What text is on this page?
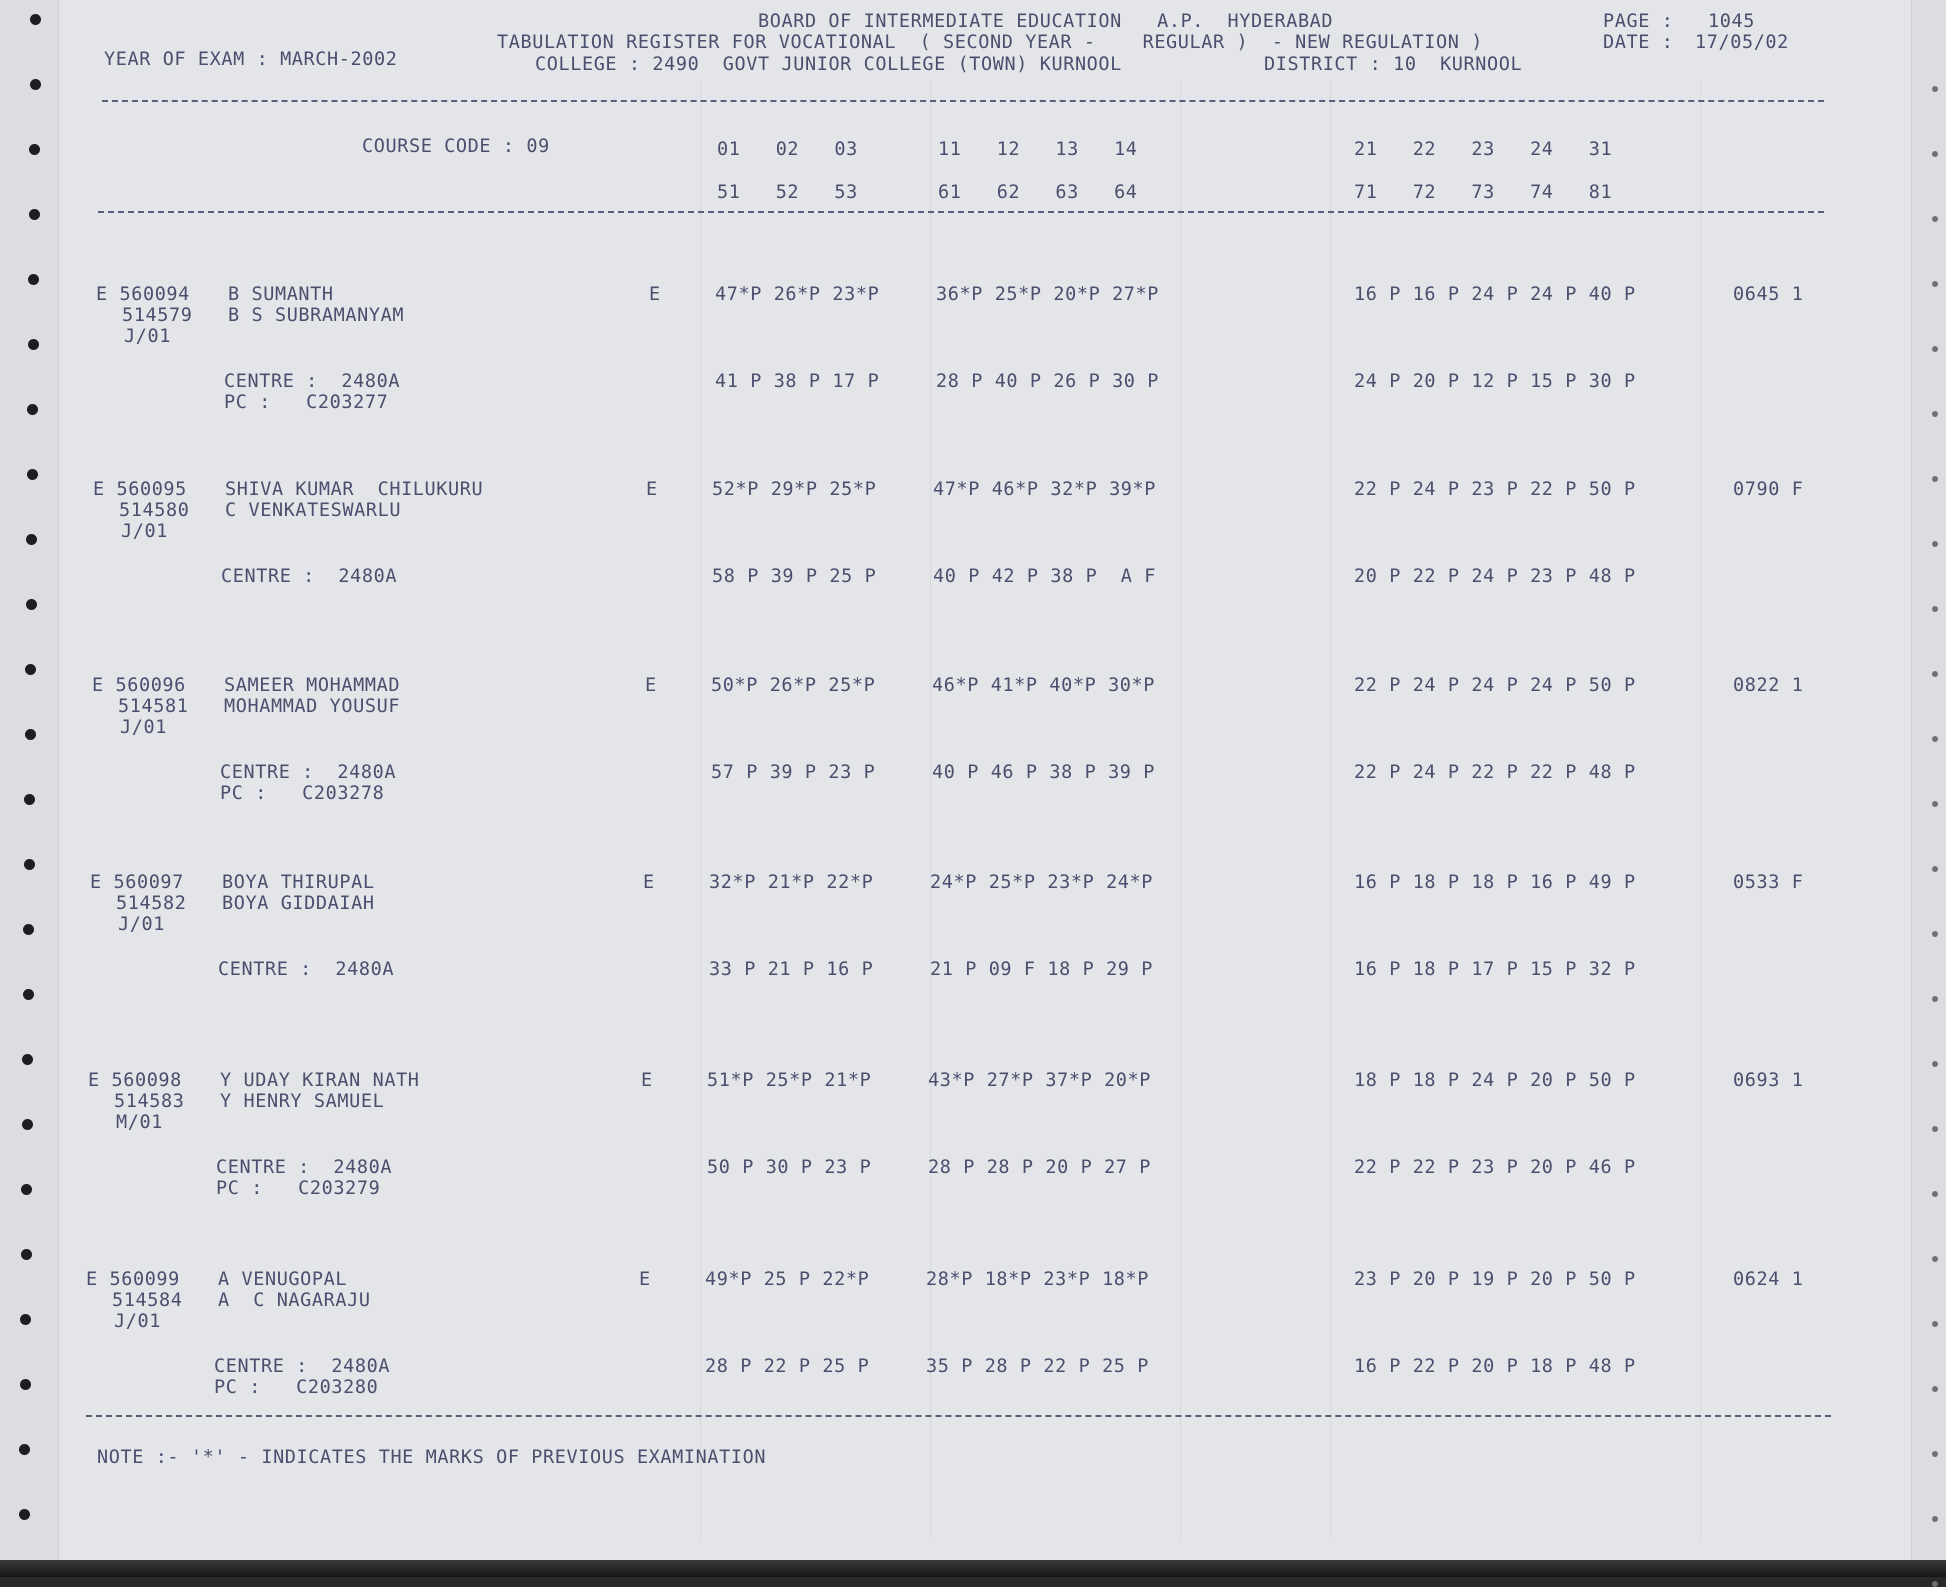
BOARD OF INTERMEDIATE EDUCATION   A.P.  HYDERABAD	PAGE : 1045
TABULATION REGISTER FOR VOCATIONAL  ( SECOND YEAR -    REGULAR )  - NEW REGULATION )	DATE : 17/05/02
YEAR OF EXAM : MARCH-2002	COLLEGE : 2490  GOVT JUNIOR COLLEGE (TOWN) KURNOOL	DISTRICT : 10  KURNOOL
COURSE CODE : 09	01   02   03	11   12   13   14	21   22   23   24   31
51   52   53	61   62   63   64	71   72   73   74   81
E 560094
514579
J/01
B SUMANTH
B S SUBRAMANYAM
E	47*P 26*P 23*P	36*P 25*P 20*P 27*P	16 P 16 P 24 P 24 P 40 P	0645 1
CENTRE :  2480A
PC :   C203277
41 P 38 P 17 P	28 P 40 P 26 P 30 P	24 P 20 P 12 P 15 P 30 P
E 560095
514580
J/01
SHIVA KUMAR  CHILUKURU
C VENKATESWARLU
E	52*P 29*P 25*P	47*P 46*P 32*P 39*P	22 P 24 P 23 P 22 P 50 P	0790 F
CENTRE :  2480A	58 P 39 P 25 P	40 P 42 P 38 P  A F	20 P 22 P 24 P 23 P 48 P
E 560096
514581
J/01
SAMEER MOHAMMAD
MOHAMMAD YOUSUF
E	50*P 26*P 25*P	46*P 41*P 40*P 30*P	22 P 24 P 24 P 24 P 50 P	0822 1
CENTRE :  2480A
PC :   C203278
57 P 39 P 23 P	40 P 46 P 38 P 39 P	22 P 24 P 22 P 22 P 48 P
E 560097
514582
J/01
BOYA THIRUPAL
BOYA GIDDAIAH
E	32*P 21*P 22*P	24*P 25*P 23*P 24*P	16 P 18 P 18 P 16 P 49 P	0533 F
CENTRE :  2480A	33 P 21 P 16 P	21 P 09 F 18 P 29 P	16 P 18 P 17 P 15 P 32 P
E 560098
514583
M/01
Y UDAY KIRAN NATH
Y HENRY SAMUEL
E	51*P 25*P 21*P	43*P 27*P 37*P 20*P	18 P 18 P 24 P 20 P 50 P	0693 1
CENTRE :  2480A
PC :   C203279
50 P 30 P 23 P	28 P 28 P 20 P 27 P	22 P 22 P 23 P 20 P 46 P
E 560099
514584
J/01
A VENUGOPAL
A  C NAGARAJU
E	49*P 25 P 22*P	28*P 18*P 23*P 18*P	23 P 20 P 19 P 20 P 50 P	0624 1
CENTRE :  2480A
PC :   C203280
28 P 22 P 25 P	35 P 28 P 22 P 25 P	16 P 22 P 20 P 18 P 48 P
NOTE :- '*' - INDICATES THE MARKS OF PREVIOUS EXAMINATION
